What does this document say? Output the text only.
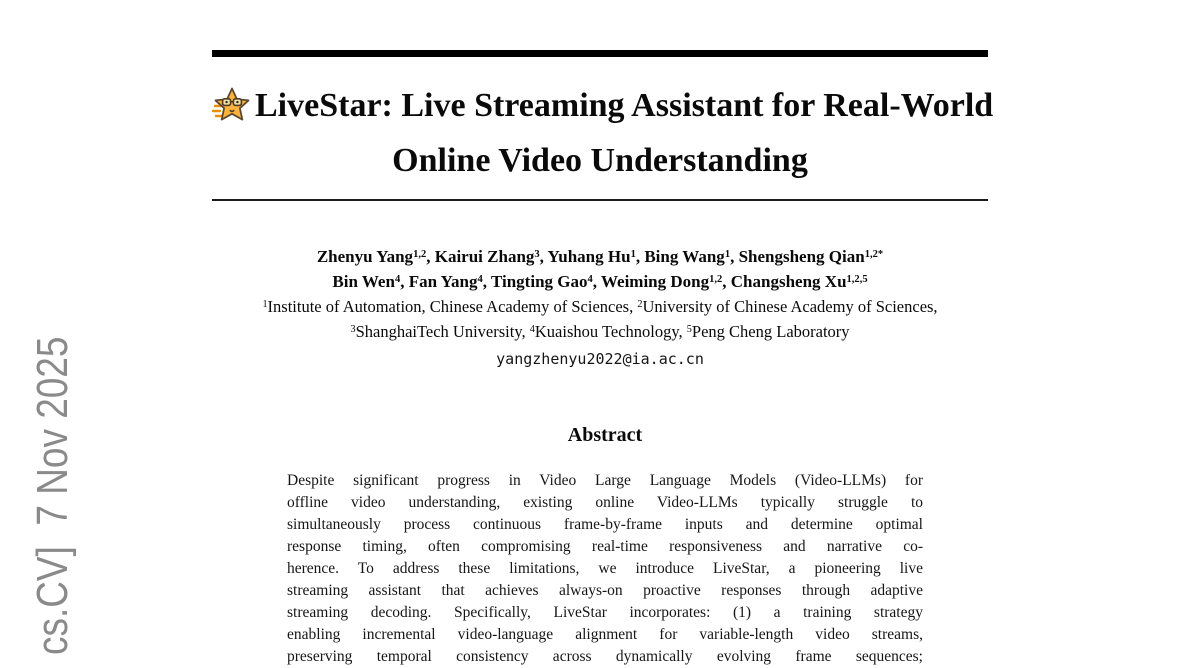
cs.CV]  7 Nov 2025
LiveStar: Live Streaming Assistant for Real-World
Online Video Understanding
Zhenyu Yang$^{1,2}$, Kairui Zhang$^3$, Yuhang Hu$^1$, Bing Wang$^1$, Shengsheng Qian$^{1,2*}$
Bin Wen$^4$, Fan Yang$^4$, Tingting Gao$^4$, Weiming Dong$^{1,2}$, Changsheng Xu$^{1,2,5}$
$^1$Institute of Automation, Chinese Academy of Sciences, $^2$University of Chinese Academy of Sciences,
$^3$ShanghaiTech University, $^4$Kuaishou Technology, $^5$Peng Cheng Laboratory
yangzhenyu2022@ia.ac.cn
Abstract
Despite significant progress in Video Large Language Models (Video-LLMs) for
offline video understanding, existing online Video-LLMs typically struggle to
simultaneously process continuous frame-by-frame inputs and determine optimal
response timing, often compromising real-time responsiveness and narrative co-
herence. To address these limitations, we introduce LiveStar, a pioneering live
streaming assistant that achieves always-on proactive responses through adaptive
streaming decoding. Specifically, LiveStar incorporates: (1) a training strategy
enabling incremental video-language alignment for variable-length video streams,
preserving temporal consistency across dynamically evolving frame sequences;
